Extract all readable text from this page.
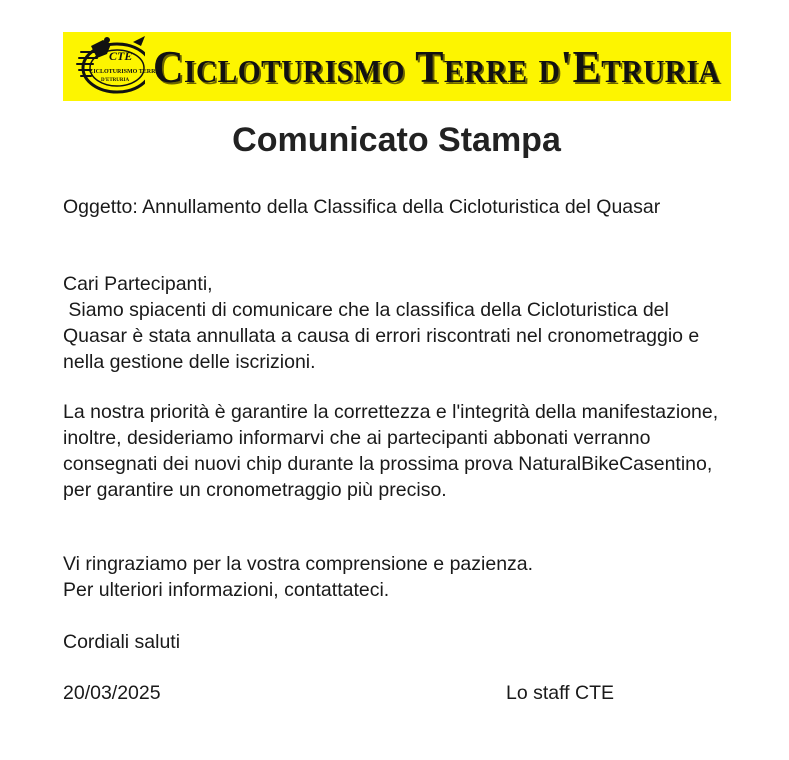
CTE
CICLOTURISMO TERRE
D'ETRURIA Cicloturismo Terre d'Etruria
Comunicato Stampa

Oggetto: Annullamento della Classifica della Cicloturistica del Quasar

Cari Partecipanti,

Siamo spiacenti di comunicare che la classifica della Cicloturistica del Quasar è stata annullata a causa di errori riscontrati nel cronometraggio e nella gestione delle iscrizioni.

La nostra priorità è garantire la correttezza e l'integrità della manifestazione, inoltre, desideriamo informarvi che ai partecipanti abbonati verranno consegnati dei nuovi chip durante la prossima prova NaturalBikeCasentino, per garantire un cronometraggio più preciso.

Vi ringraziamo per la vostra comprensione e pazienza.

Per ulteriori informazioni, contattateci.

Cordiali saluti

20/03/2025	Lo staff CTE
